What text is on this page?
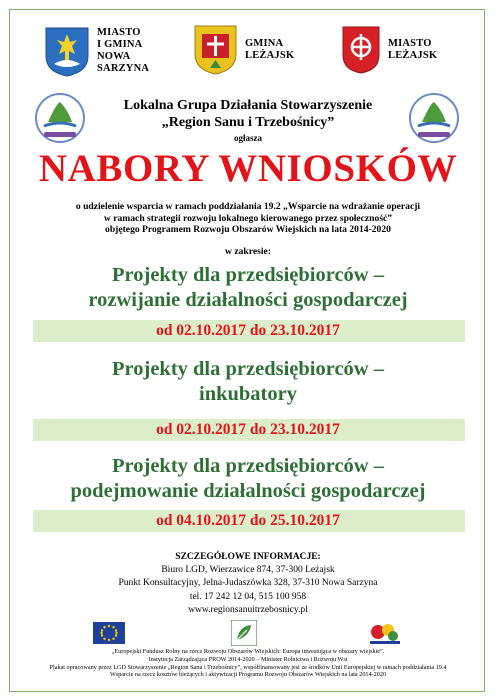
MIASTO
I GMINA
NOWA
SARZYNA
GMINA
LEŻAJSK
MIASTO
LEŻAJSK
Lokalna Grupa Działania Stowarzyszenie
„Region Sanu i Trzebośnicy”
ogłasza
NABORY WNIOSKÓW
o udzielenie wsparcia w ramach poddziałania 19.2 „Wsparcie na wdrażanie operacji
w ramach strategii rozwoju lokalnego kierowanego przez społeczność”
objętego Programem Rozwoju Obszarów Wiejskich na lata 2014-2020
w zakresie:
Projekty dla przedsiębiorców –
rozwijanie działalności gospodarczej
od 02.10.2017 do 23.10.2017
Projekty dla przedsiębiorców –
inkubatory
od 02.10.2017 do 23.10.2017
Projekty dla przedsiębiorców –
podejmowanie działalności gospodarczej
od 04.10.2017 do 25.10.2017
SZCZEGÓŁOWE INFORMACJE:
Biuro LGD, Wierzawice 874, 37-300 Leżajsk
Punkt Konsultacyjny, Jelna-Judaszówka 328, 37-310 Nowa Sarzyna
tel. 17 242 12 04, 515 100 958
www.regionsanuitrzebosnicy.pl
„Europejski Fundusz Rolny na rzecz Rozwoju Obszarów Wiejskich: Europa inwestująca w obszary wiejskie”.
Instytucja Zarządzająca PROW 2014-2020 – Minister Rolnictwa i Rozwoju Wsi
Plakat opracowany przez LGD Stowarzyszenie „Region Sanu i Trzebośnicy”, współfinansowany jest ze środków Unii Europejskiej w ramach poddziałania 19.4
Wsparcie na rzecz kosztów bieżących i aktywizacji Programu Rozwoju Obszarów Wiejskich na lata 2014-2020
